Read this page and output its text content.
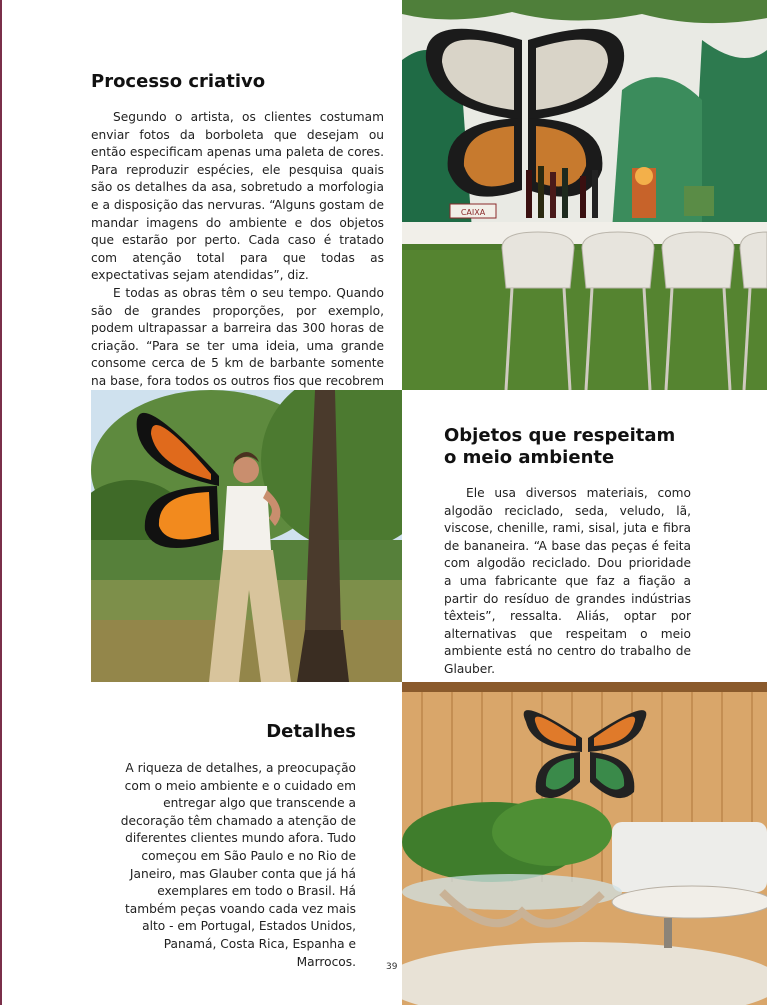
Processo criativo

Segundo o artista, os clientes costumam enviar fotos da borboleta que desejam ou então especificam apenas uma paleta de cores. Para reproduzir espécies, ele pesquisa quais são os detalhes da asa, sobretudo a morfologia e a disposição das nervuras. “Alguns gostam de mandar imagens do ambiente e dos objetos que estarão por perto. Cada caso é tratado com atenção total para que todas as expectativas sejam atendidas”, diz.

E todas as obras têm o seu tempo. Quando são de grandes proporções, por exemplo, podem ultrapassar a barreira das 300 horas de criação. “Para se ter uma ideia, uma grande consome cerca de 5 km de barbante somente na base, fora todos os outros fios que recobrem

Objetos que respeitam
o meio ambiente

Ele usa diversos materiais, como algodão reciclado, seda, veludo, lã, viscose, chenille, rami, sisal, juta e fibra de bananeira. “A base das peças é feita com algodão reciclado. Dou prioridade a uma fabricante que faz a fiação a partir do resíduo de grandes indústrias têxteis”, ressalta. Aliás, optar por alternativas que respeitam o meio ambiente está no centro do trabalho de Glauber.

Detalhes

A riqueza de detalhes, a preocupação com o meio ambiente e o cuidado em entregar algo que transcende a decoração têm chamado a atenção de diferentes clientes mundo afora. Tudo começou em São Paulo e no Rio de Janeiro, mas Glauber conta que já há exemplares em todo o Brasil. Há também peças voando cada vez mais alto - em Portugal, Estados Unidos, Panamá, Costa Rica, Espanha e Marrocos.

CAIXA
39
